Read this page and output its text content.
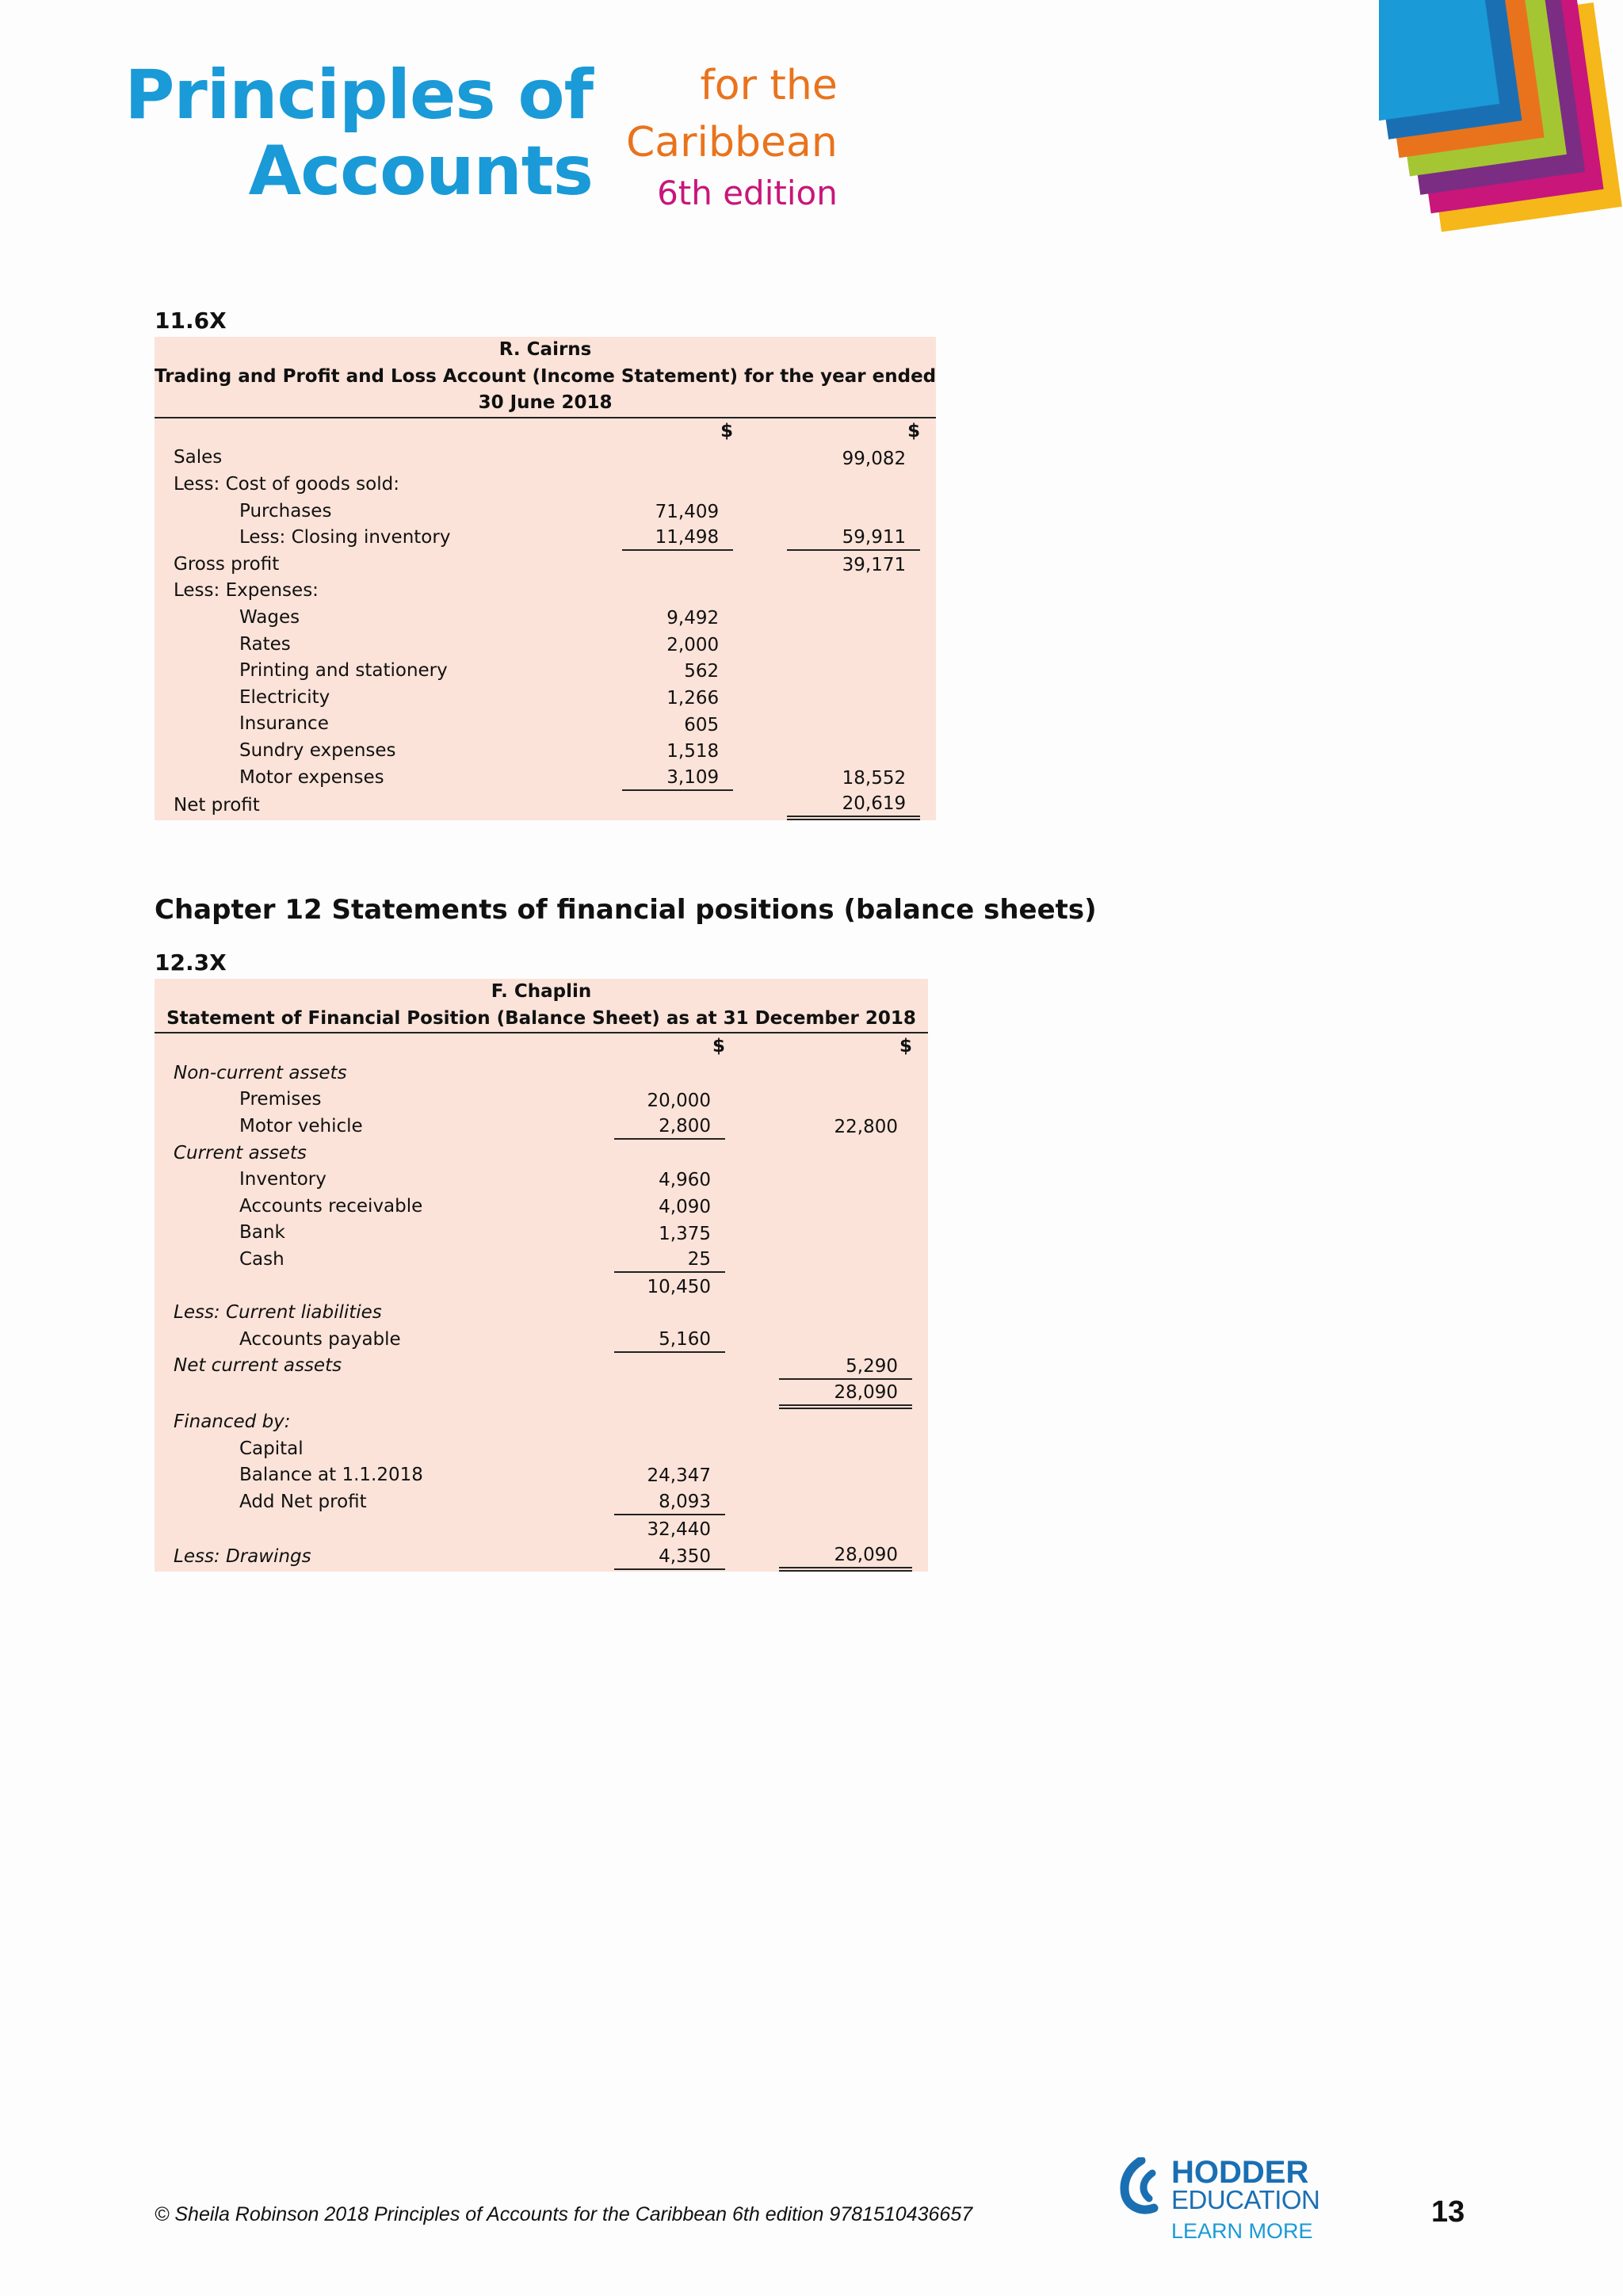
Principles of
Accounts
for the
Caribbean
6th edition
11.6X
R. Cairns			
Trading and Profit and Loss Account (Income Statement) for the year ended			
30 June 2018			
	$		$
Sales			99,082

Less: Cost of goods sold:	

Purchases	71,409		

Less: Closing inventory	11,498		59,911

Gross profit			39,171

Less: Expenses:	

Wages	9,492		

Rates	2,000		

Printing and stationery	562		

Electricity	1,266		

Insurance	605		

Sundry expenses	1,518		

Motor expenses	3,109		18,552

Net profit			20,619
Chapter 12 Statements of financial positions (balance sheets)
12.3X
F. Chaplin			
Statement of Financial Position (Balance Sheet) as at 31 December 2018			
	$		$
Non-current assets	

Premises	20,000		

Motor vehicle	2,800		22,800

Current assets	

Inventory	4,960		

Accounts receivable	4,090		

Bank	1,375		

Cash	25		

	10,450		

Less: Current liabilities	

Accounts payable	5,160		

Net current assets			5,290

			28,090

Financed by:	

Capital	

Balance at 1.1.2018	24,347		

Add Net profit	8,093		

	32,440		

Less: Drawings	4,350		28,090
© Sheila Robinson 2018 Principles of Accounts for the Caribbean 6th edition 9781510436657
HODDER
EDUCATION
LEARN MORE
13
